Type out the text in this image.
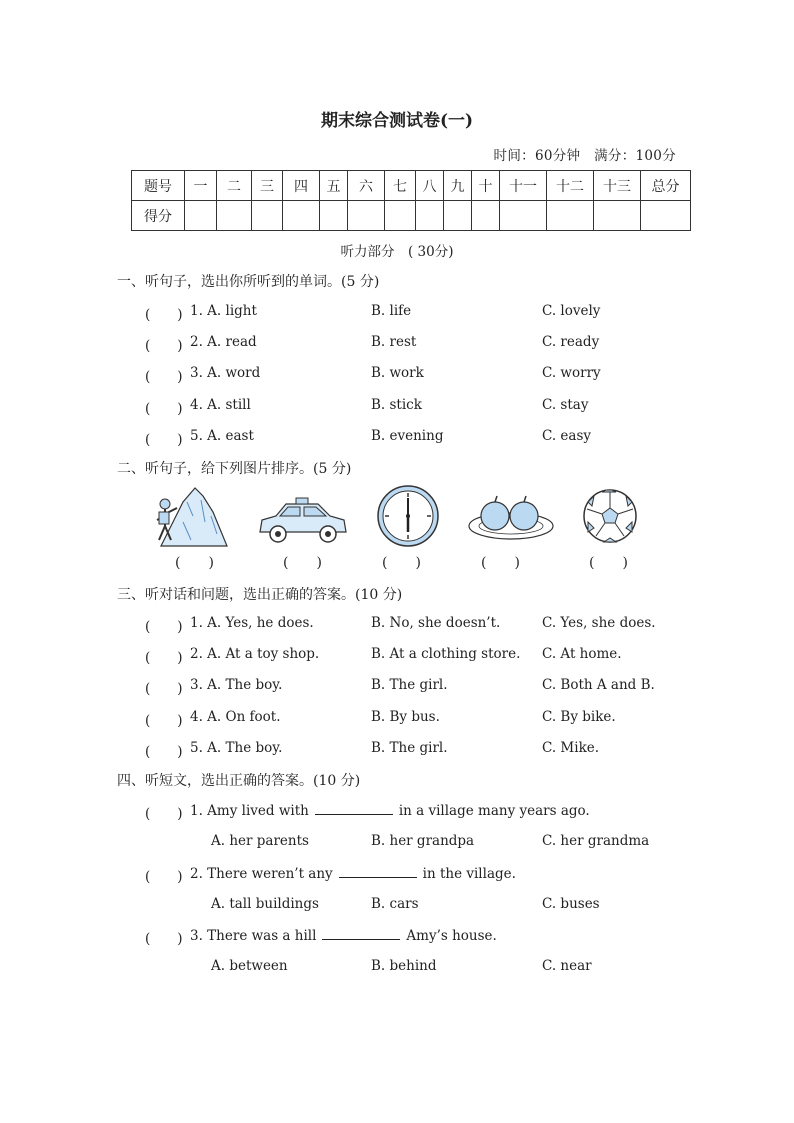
期末综合测试卷(一)
时间：60分钟　满分：100分
题号	一	二	三	四	五	六	七	八	九	十	十一	十二	十三	总分
得分														
听力部分　( 30分)
一、听句子，选出你所听到的单词。(5 分)
(　　) 1. A. light	B. life	C. lovely
(　　) 2. A. read	B. rest	C. ready
(　　) 3. A. word	B. work	C. worry
(　　) 4. A. still	B. stick	C. stay
(　　) 5. A. east	B. evening	C. easy
二、听句子，给下列图片排序。(5 分)
(　　)	(　　)	(　　)	(　　)	(　　)
三、听对话和问题，选出正确的答案。(10 分)
(　　) 1. A. Yes, he does.	B. No, she doesn’t.	C. Yes, she does.
(　　) 2. A. At a toy shop.	B. At a clothing store. C. At home.
(　　) 3. A. The boy.	B. The girl.	C. Both A and B.
(　　) 4. A. On foot.	B. By bus.	C. By bike.
(　　) 5. A. The boy.	B. The girl.	C. Mike.
四、听短文，选出正确的答案。(10 分)
(　　) 1. Amy lived with	in a village many years ago.
A. her parents	B. her grandpa	C. her grandma
(　　) 2. There weren’t any	in the village.
A. tall buildings	B. cars	C. buses
(　　) 3. There was a hill	Amy’s house.
A. between	B. behind	C. near
